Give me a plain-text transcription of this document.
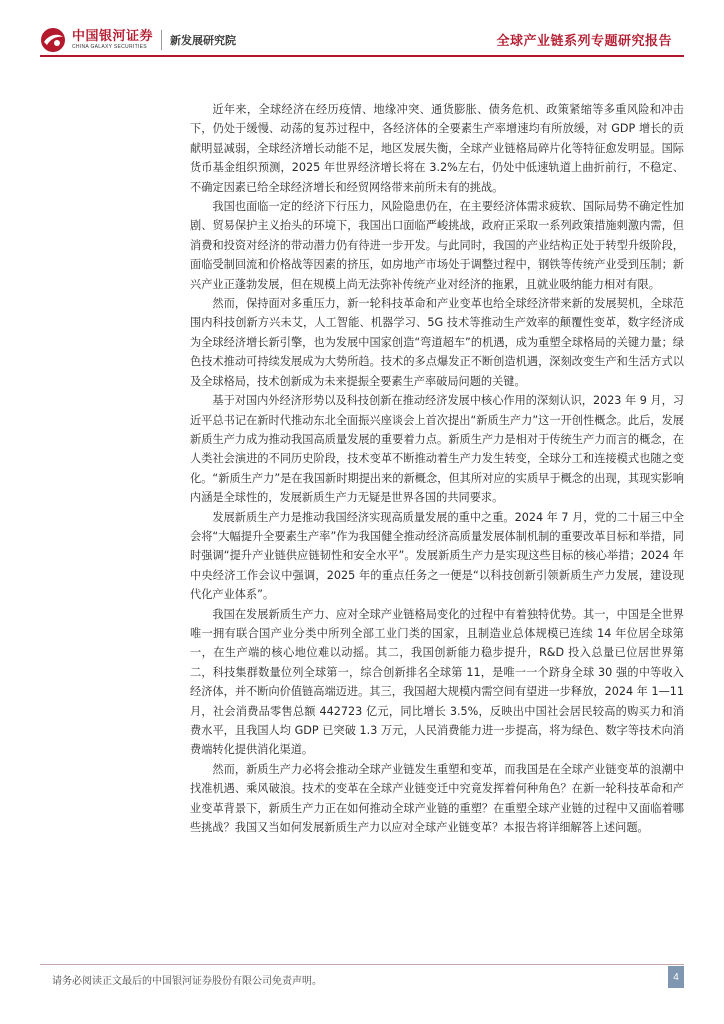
中国银河证券
CHINA GALAXY SECURITIES	新发展研究院	全球产业链系列专题研究报告

近年来，全球经济在经历疫情、地缘冲突、通货膨胀、债务危机、政策紧缩等多重风险和冲击下，仍处于缓慢、动荡的复苏过程中，各经济体的全要素生产率增速均有所放缓，对 GDP 增长的贡献明显减弱，全球经济增长动能不足，地区发展失衡，全球产业链格局碎片化等特征愈发明显。国际货币基金组织预测，2025 年世界经济增长将在 3.2%左右，仍处中低速轨道上曲折前行，不稳定、不确定因素已给全球经济增长和经贸网络带来前所未有的挑战。

我国也面临一定的经济下行压力，风险隐患仍在，在主要经济体需求疲软、国际局势不确定性加剧、贸易保护主义抬头的环境下，我国出口面临严峻挑战，政府正采取一系列政策措施刺激内需，但消费和投资对经济的带动潜力仍有待进一步开发。与此同时，我国的产业结构正处于转型升级阶段，面临受制回流和价格战等因素的挤压，如房地产市场处于调整过程中，钢铁等传统产业受到压制；新兴产业正蓬勃发展，但在规模上尚无法弥补传统产业对经济的拖累，且就业吸纳能力相对有限。

然而，保持面对多重压力，新一轮科技革命和产业变革也给全球经济带来新的发展契机，全球范围内科技创新方兴未艾，人工智能、机器学习、5G 技术等推动生产效率的颠覆性变革，数字经济成为全球经济增长新引擎，也为发展中国家创造“弯道超车”的机遇，成为重塑全球格局的关键力量；绿色技术推动可持续发展成为大势所趋。技术的多点爆发正不断创造机遇，深刻改变生产和生活方式以及全球格局，技术创新成为未来提振全要素生产率破局问题的关键。

基于对国内外经济形势以及科技创新在推动经济发展中核心作用的深刻认识，2023 年 9 月，习近平总书记在新时代推动东北全面振兴座谈会上首次提出“新质生产力”这一开创性概念。此后，发展新质生产力成为推动我国高质量发展的重要着力点。新质生产力是相对于传统生产力而言的概念，在人类社会演进的不同历史阶段，技术变革不断推动着生产力发生转变，全球分工和连接模式也随之变化。“新质生产力”是在我国新时期提出来的新概念，但其所对应的实质早于概念的出现，其现实影响内涵是全球性的，发展新质生产力无疑是世界各国的共同要求。

发展新质生产力是推动我国经济实现高质量发展的重中之重。2024 年 7 月，党的二十届三中全会将“大幅提升全要素生产率”作为我国健全推动经济高质量发展体制机制的重要改革目标和举措，同时强调“提升产业链供应链韧性和安全水平”。发展新质生产力是实现这些目标的核心举措；2024 年中央经济工作会议中强调，2025 年的重点任务之一便是“以科技创新引领新质生产力发展，建设现代化产业体系”。

我国在发展新质生产力、应对全球产业链格局变化的过程中有着独特优势。其一，中国是全世界唯一拥有联合国产业分类中所列全部工业门类的国家，且制造业总体规模已连续 14 年位居全球第一，在生产端的核心地位难以动摇。其二，我国创新能力稳步提升，R&D 投入总量已位居世界第二，科技集群数量位列全球第一，综合创新排名全球第 11，是唯一一个跻身全球 30 强的中等收入经济体，并不断向价值链高端迈进。其三，我国超大规模内需空间有望进一步释放，2024 年 1—11 月，社会消费品零售总额 442723 亿元，同比增长 3.5%，反映出中国社会居民较高的购买力和消费水平，且我国人均 GDP 已突破 1.3 万元，人民消费能力进一步提高，将为绿色、数字等技术向消费端转化提供消化渠道。

然而，新质生产力必将会推动全球产业链发生重塑和变革，而我国是在全球产业链变革的浪潮中找准机遇、乘风破浪。技术的变革在全球产业链变迁中究竟发挥着何种角色？在新一轮科技革命和产业变革背景下，新质生产力正在如何推动全球产业链的重塑？在重塑全球产业链的过程中又面临着哪些挑战？我国又当如何发展新质生产力以应对全球产业链变革？本报告将详细解答上述问题。

请务必阅读正文最后的中国银河证券股份有限公司免责声明。	4
